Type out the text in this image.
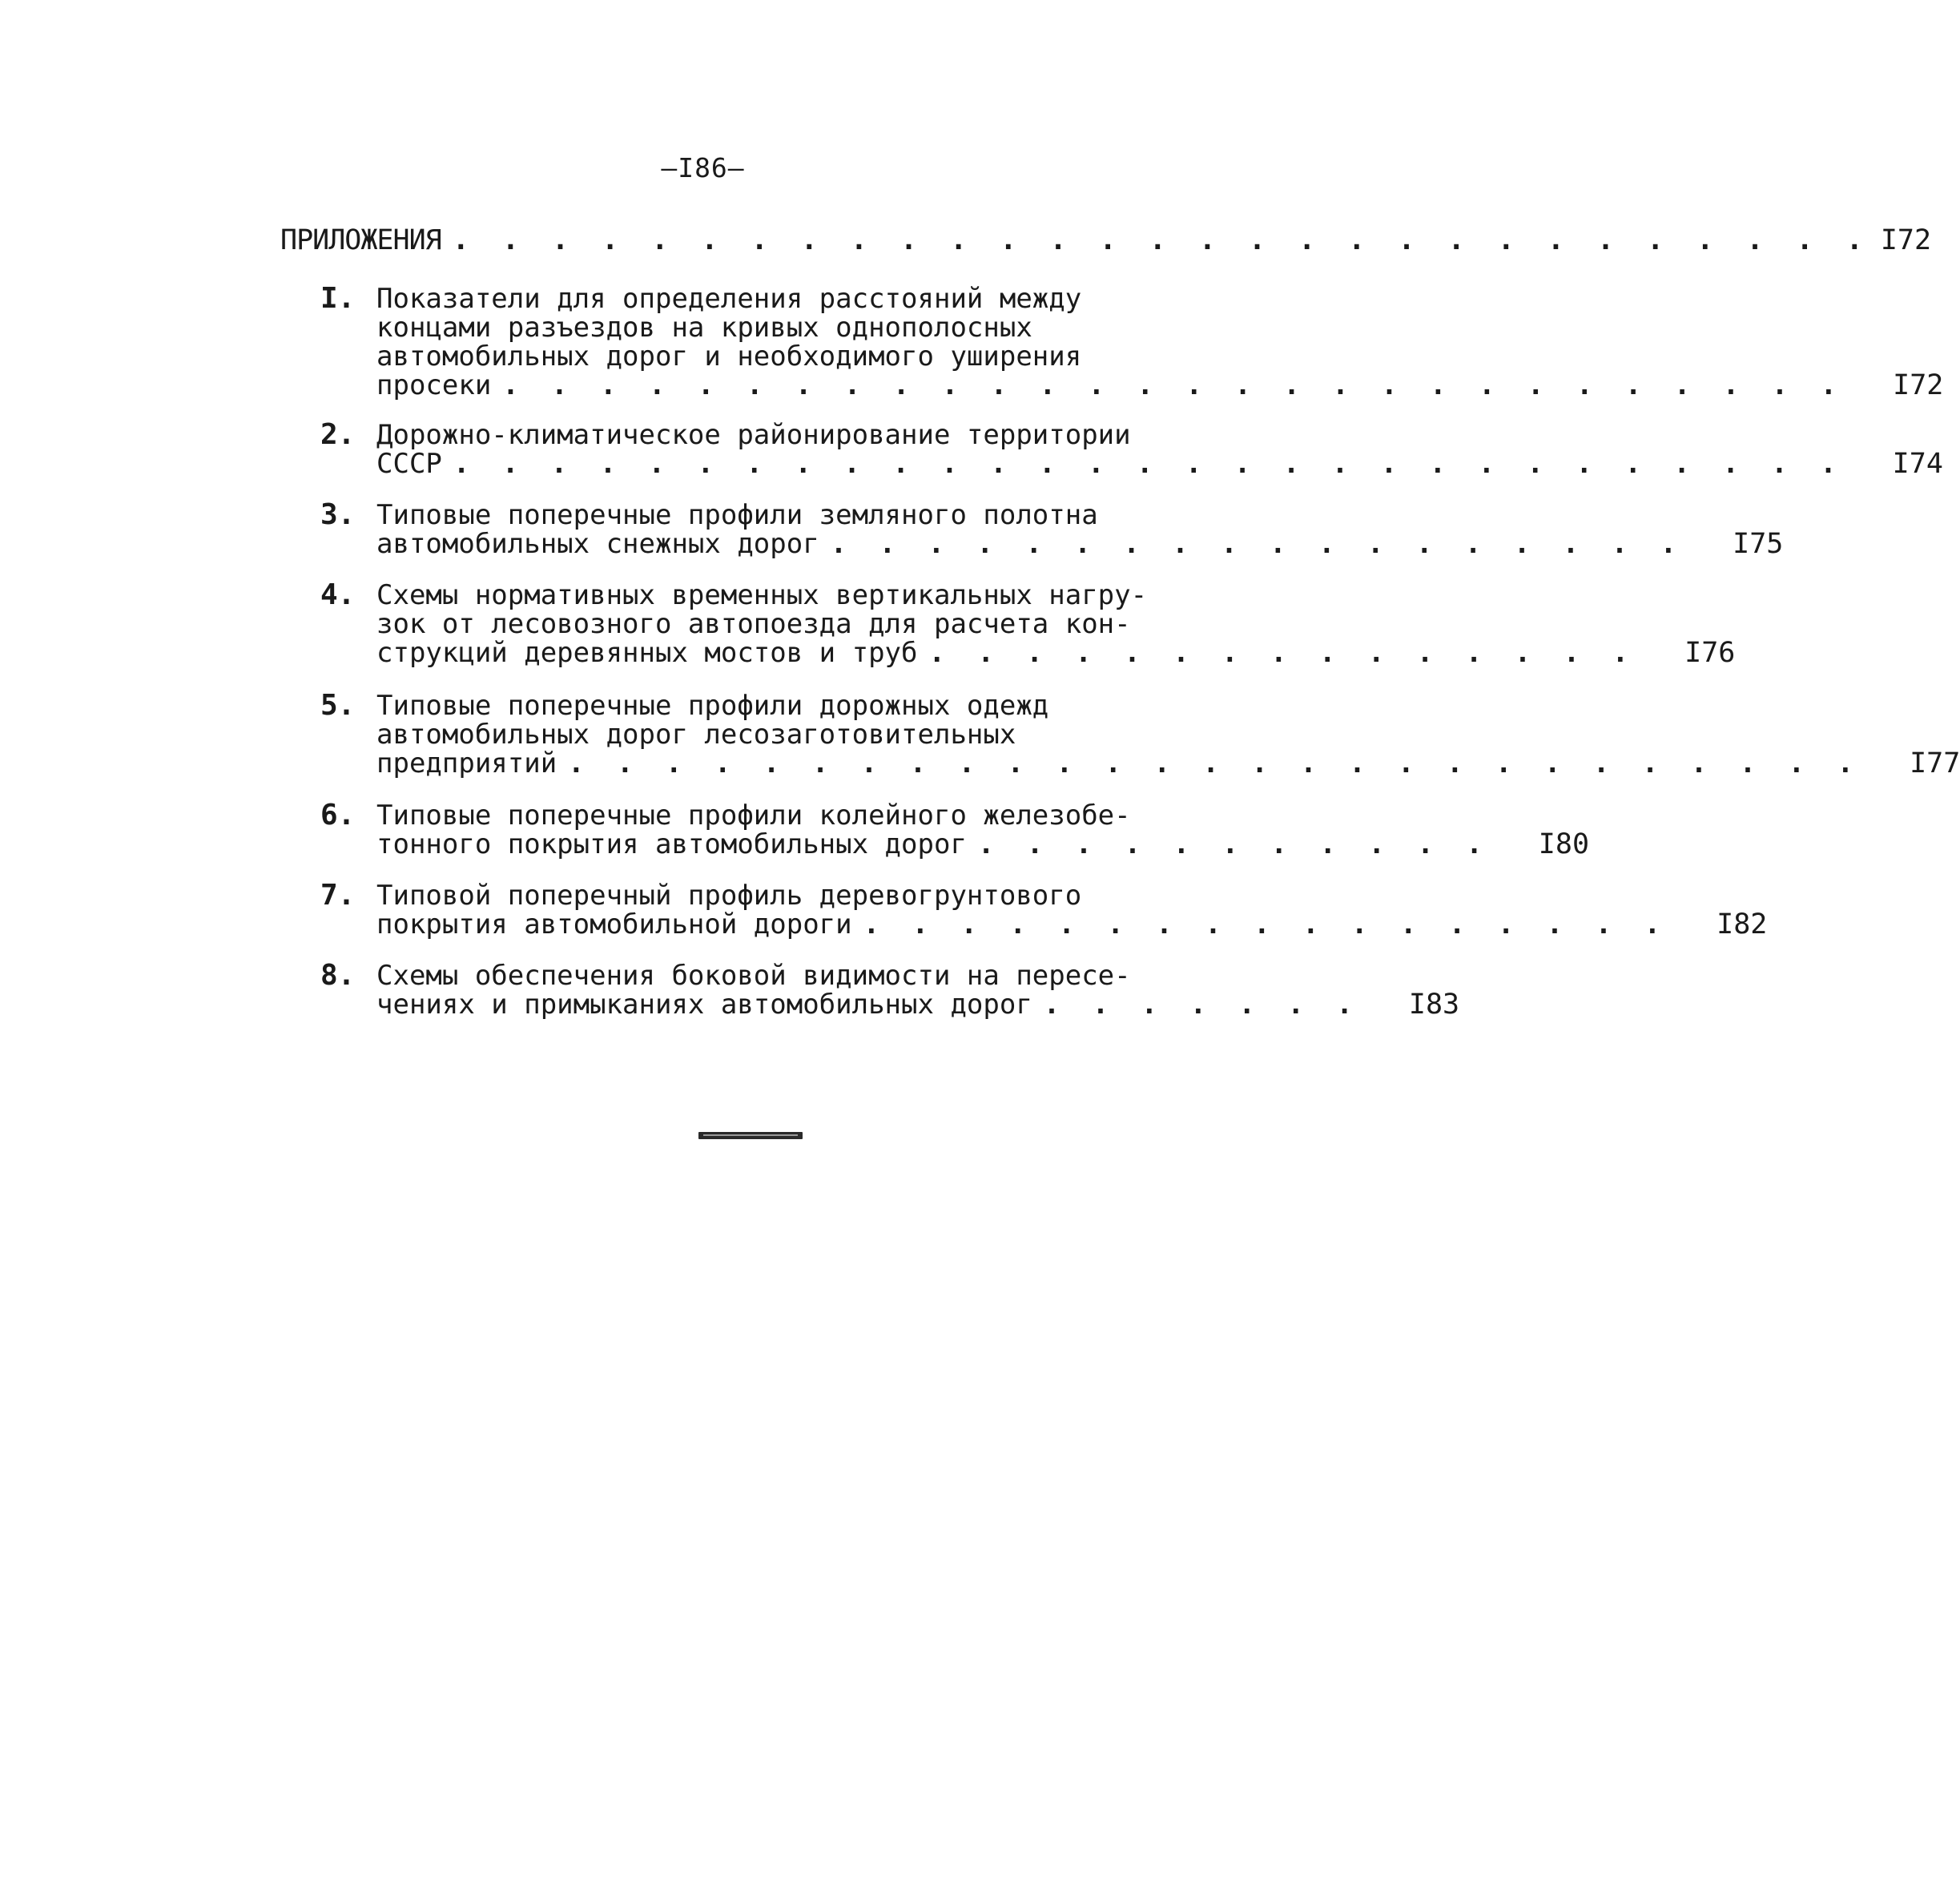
—I86—
ПРИЛОЖЕНИЯ . . . . . . . . . . . . . . . . . . . . . . . . . . . . . I72
I. Показатели для определения расстояний между
концами разъездов на кривых однополосных
автомобильных дорог и необходимого уширения
просеки . . . . . . . . . . . . . . . . . . . . . . . . . . . . I72
2. Дорожно-климатическое районирование территории
СССР . . . . . . . . . . . . . . . . . . . . . . . . . . . . . I74
3. Типовые поперечные профили земляного полотна
автомобильных снежных дорог . . . . . . . . . . . . . . . . . . I75
4. Схемы нормативных временных вертикальных нагру-
зок от лесовозного автопоезда для расчета кон-
струкций деревянных мостов и труб . . . . . . . . . . . . . . . I76
5. Типовые поперечные профили дорожных одежд
автомобильных дорог лесозаготовительных
предприятий . . . . . . . . . . . . . . . . . . . . . . . . . . . I77
6. Типовые поперечные профили колейного железобе-
тонного покрытия автомобильных дорог . . . . . . . . . . . I80
7. Типовой поперечный профиль деревогрунтового
покрытия автомобильной дороги . . . . . . . . . . . . . . . . . I82
8. Схемы обеспечения боковой видимости на пересе-
чениях и примыканиях автомобильных дорог . . . . . . . I83
